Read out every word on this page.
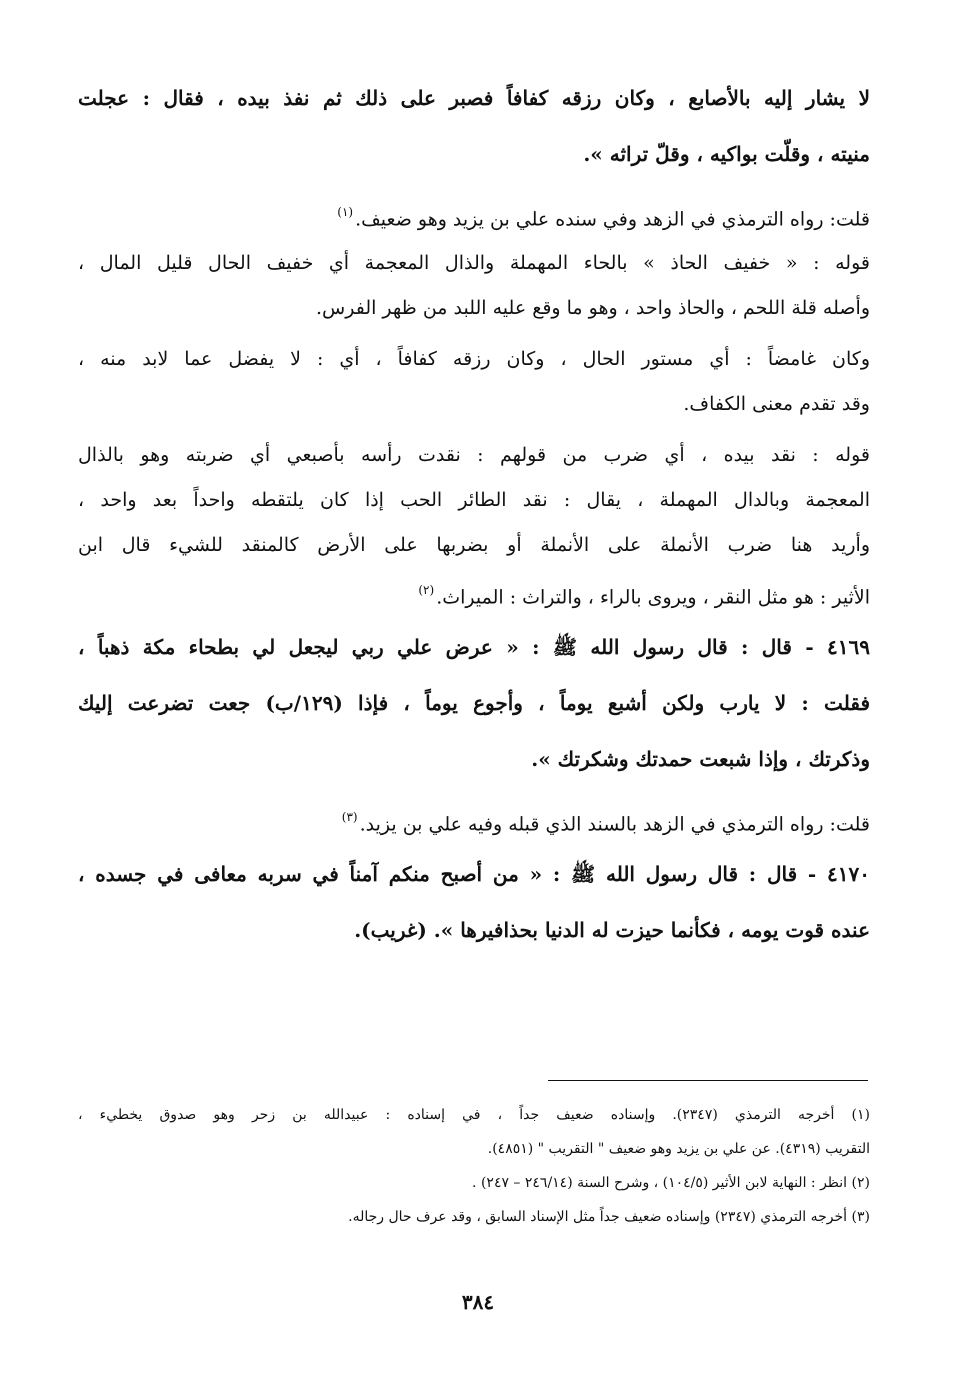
لا يشار إليه بالأصابع ، وكان رزقه كفافاً فصبر على ذلك ثم نفذ بيده ، فقال : عجلت
منيته ، وقلّت بواكيه ، وقلّ تراثه ».
قلت: رواه الترمذي في الزهد وفي سنده علي بن يزيد وهو ضعيف.$^{(١)}$
قوله : « خفيف الحاذ » بالحاء المهملة والذال المعجمة أي خفيف الحال قليل المال ،
وأصله قلة اللحم ، والحاذ واحد ، وهو ما وقع عليه اللبد من ظهر الفرس.
وكان غامضاً : أي مستور الحال ، وكان رزقه كفافاً ، أي : لا يفضل عما لابد منه ،
وقد تقدم معنى الكفاف.
قوله : نقد بيده ، أي ضرب من قولهم : نقدت رأسه بأصبعي أي ضربته وهو بالذال
المعجمة وبالدال المهملة ، يقال : نقد الطائر الحب إذا كان يلتقطه واحداً بعد واحد ،
وأريد هنا ضرب الأنملة على الأنملة أو بضربها على الأرض كالمنقد للشيء قال ابن
الأثير : هو مثل النقر ، ويروى بالراء ، والتراث : الميراث.$^{(٢)}$
٤١٦٩ - قال : قال رسول الله ﷺ : « عرض علي ربي ليجعل لي بطحاء مكة ذهباً ،
فقلت : لا يارب ولكن أشبع يوماً ، وأجوع يوماً ، فإذا (١٢٩/ب) جعت تضرعت إليك
وذكرتك ، وإذا شبعت حمدتك وشكرتك ».
قلت: رواه الترمذي في الزهد بالسند الذي قبله وفيه علي بن يزيد.$^{(٣)}$
٤١٧٠ - قال : قال رسول الله ﷺ : « من أصبح منكم آمناً في سربه معافى في جسده ،
عنده قوت يومه ، فكأنما حيزت له الدنيا بحذافيرها ». (غريب).
(١) أخرجه الترمذي (٢٣٤٧). وإسناده ضعيف جداً ، في إسناده : عبيدالله بن زحر وهو صدوق يخطيء ،
التقريب (٤٣١٩). عن علي بن يزيد وهو ضعيف " التقريب " (٤٨٥١).
(٢) انظر : النهاية لابن الأثير (١٠٤/٥) ، وشرح السنة (٢٤٦/١٤ – ٢٤٧) .
(٣) أخرجه الترمذي (٢٣٤٧) وإسناده ضعيف جداً مثل الإسناد السابق ، وقد عرف حال رجاله.
٣٨٤
